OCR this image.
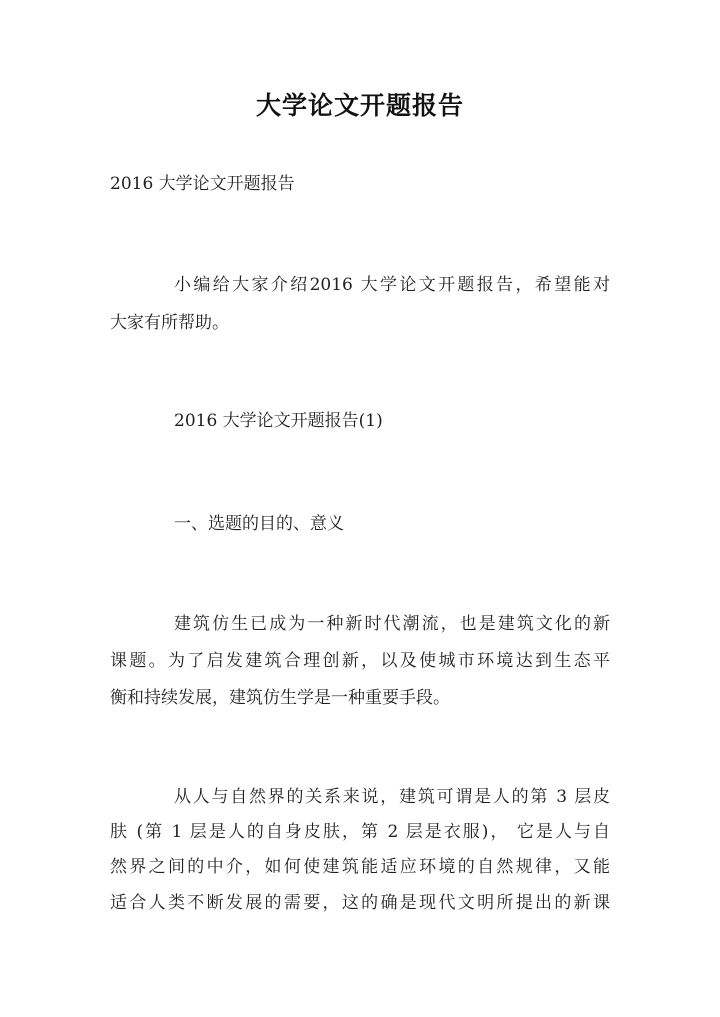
大学论文开题报告
2016 大学论文开题报告
小编给大家介绍2016 大学论文开题报告，希望能对
大家有所帮助。
2016 大学论文开题报告(1)
一、选题的目的、意义
建筑仿生已成为一种新时代潮流，也是建筑文化的新
课题。为了启发建筑合理创新，以及使城市环境达到生态平
衡和持续发展，建筑仿生学是一种重要手段。
从人与自然界的关系来说，建筑可谓是人的第 3 层皮
肤 (第 1 层是人的自身皮肤，第 2 层是衣服)， 它是人与自
然界之间的中介，如何使建筑能适应环境的自然规律，又能
适合人类不断发展的需要，这的确是现代文明所提出的新课
